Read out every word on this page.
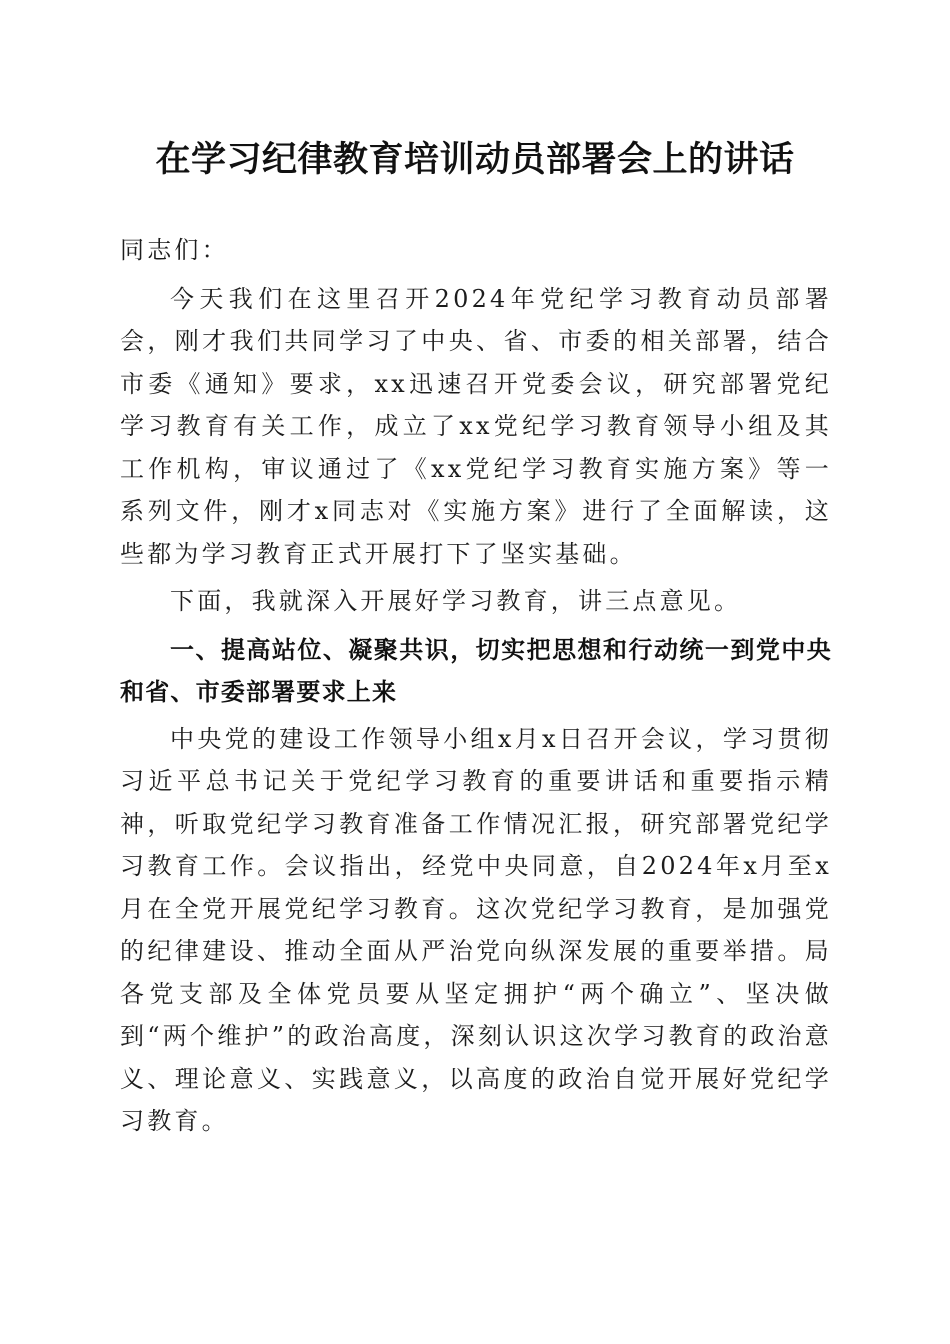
在学习纪律教育培训动员部署会上的讲话

同志们：

今天我们在这里召开2024年党纪学习教育动员部署会，刚才我们共同学习了中央、省、市委的相关部署，结合市委《通知》要求，xx迅速召开党委会议，研究部署党纪学习教育有关工作，成立了xx党纪学习教育领导小组及其工作机构，审议通过了《xx党纪学习教育实施方案》等一系列文件，刚才x同志对《实施方案》进行了全面解读，这些都为学习教育正式开展打下了坚实基础。

下面，我就深入开展好学习教育，讲三点意见。

一、提高站位、凝聚共识，切实把思想和行动统一到党中央和省、市委部署要求上来

中央党的建设工作领导小组x月x日召开会议，学习贯彻习近平总书记关于党纪学习教育的重要讲话和重要指示精神，听取党纪学习教育准备工作情况汇报，研究部署党纪学习教育工作。会议指出，经党中央同意，自2024年x月至x月在全党开展党纪学习教育。这次党纪学习教育，是加强党的纪律建设、推动全面从严治党向纵深发展的重要举措。局各党支部及全体党员要从坚定拥护“两个确立”、坚决做到“两个维护”的政治高度，深刻认识这次学习教育的政治意义、理论意义、实践意义，以高度的政治自觉开展好党纪学习教育。
